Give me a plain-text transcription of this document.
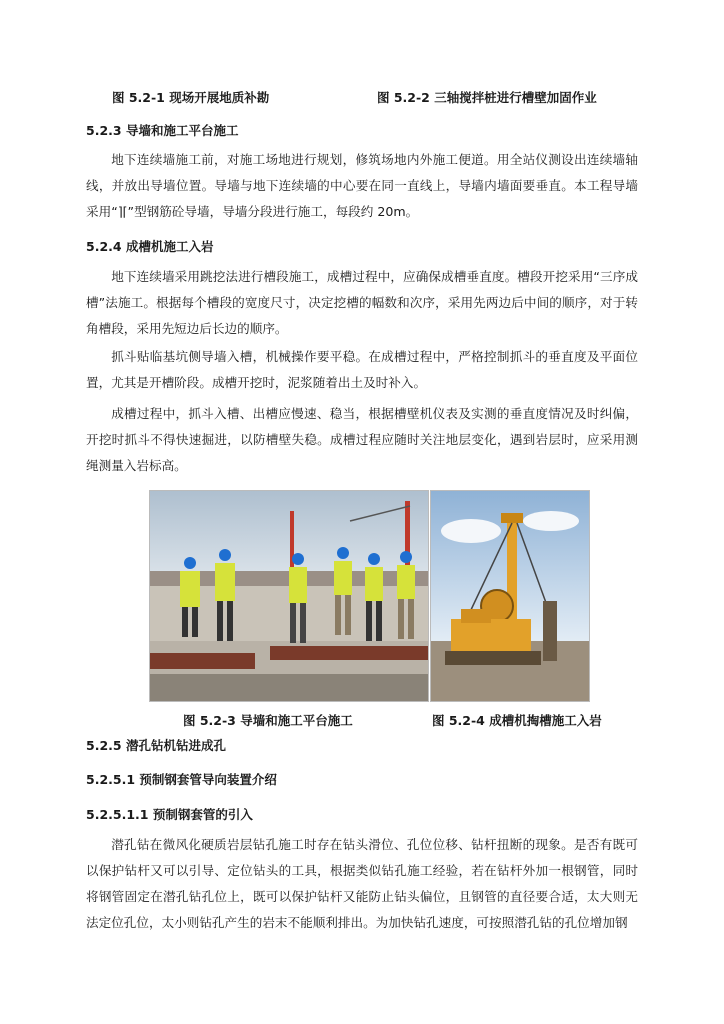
图 5.2-1 现场开展地质补勘	图 5.2-2 三轴搅拌桩进行槽壁加固作业
5.2.3 导墙和施工平台施工
地下连续墙施工前，对施工场地进行规划，修筑场地内外施工便道。用全站仪测设出连续墙轴线，并放出导墙位置。导墙与地下连续墙的中心要在同一直线上，导墙内墙面要垂直。本工程导墙采用“⌉⌈”型钢筋砼导墙，导墙分段进行施工，每段约 20m。
5.2.4 成槽机施工入岩
地下连续墙采用跳挖法进行槽段施工，成槽过程中，应确保成槽垂直度。槽段开挖采用“三序成槽”法施工。根据每个槽段的宽度尺寸，决定挖槽的幅数和次序，采用先两边后中间的顺序，对于转角槽段，采用先短边后长边的顺序。
抓斗贴临基坑侧导墙入槽，机械操作要平稳。在成槽过程中，严格控制抓斗的垂直度及平面位置，尤其是开槽阶段。成槽开挖时，泥浆随着出土及时补入。
成槽过程中，抓斗入槽、出槽应慢速、稳当，根据槽壁机仪表及实测的垂直度情况及时纠偏，开挖时抓斗不得快速掘进，以防槽壁失稳。成槽过程应随时关注地层变化，遇到岩层时，应采用测绳测量入岩标高。
图 5.2-3 导墙和施工平台施工	图 5.2-4 成槽机掏槽施工入岩
5.2.5 潜孔钻机钻进成孔
5.2.5.1 预制钢套管导向装置介绍
5.2.5.1.1 预制钢套管的引入
潜孔钻在微风化硬质岩层钻孔施工时存在钻头滑位、孔位位移、钻杆扭断的现象。是否有既可以保护钻杆又可以引导、定位钻头的工具，根据类似钻孔施工经验，若在钻杆外加一根钢管，同时将钢管固定在潜孔钻孔位上，既可以保护钻杆又能防止钻头偏位，且钢管的直径要合适，太大则无法定位孔位，太小则钻孔产生的岩末不能顺利排出。为加快钻孔速度，可按照潜孔钻的孔位增加钢
